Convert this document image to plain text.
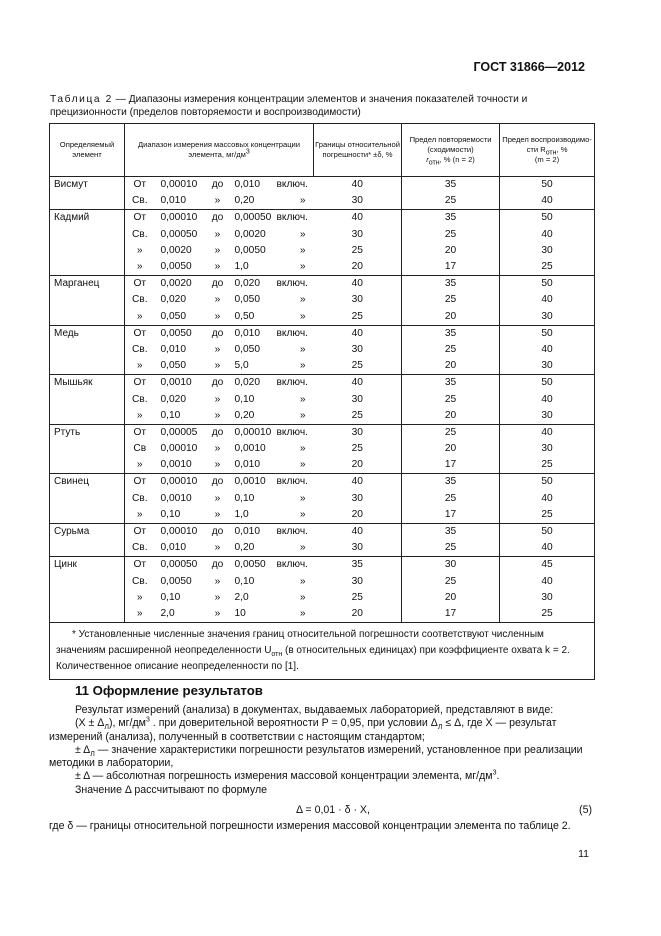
ГОСТ 31866—2012
Таблица 2 — Диапазоны измерения концентрации элементов и значения показателей точности и прецизионности (пределов повторяемости и воспроизводимости)
Определяемый элемент	Диапазон измерения массовых концентрации элемента, $мг/дм^3$					Границы относительной погрешности* ±δ, %	Предел повторяемости (сходимости)
$r_{отн}$, % (n = 2)	Предел воспроизводимо-сти $R_{отн}$, %
(m = 2)
Висмут	От	0,00010	до	0,010	включ.	40	35	50
	Св.	0,010	»	0,20	»	30	25	40
Кадмий	От	0,00010	до	0,00050	включ.	40	35	50
	Св.	0,00050	»	0,0020	»	30	25	40
	»	0,0020	»	0,0050	»	25	20	30
	»	0,0050	»	1,0	»	20	17	25
Марганец	От	0,0020	до	0,020	включ.	40	35	50
	Св.	0,020	»	0,050	»	30	25	40
	»	0,050	»	0,50	»	25	20	30
Медь	От	0,0050	до	0,010	включ.	40	35	50
	Св.	0,010	»	0,050	»	30	25	40
	»	0,050	»	5,0	»	25	20	30
Мышьяк	От	0,0010	до	0,020	включ.	40	35	50
	Св.	0,020	»	0,10	»	30	25	40
	»	0,10	»	0,20	»	25	20	30
Ртуть	От	0,00005	до	0,00010	включ.	30	25	40
	Св	0,00010	»	0,0010	»	25	20	30
	»	0,0010	»	0,010	»	20	17	25
Свинец	От	0,00010	до	0,0010	включ.	40	35	50
	Св.	0,0010	»	0,10	»	30	25	40
	»	0,10	»	1,0	»	20	17	25
Сурьма	От	0,00010	до	0,010	включ.	40	35	50
	Св.	0,010	»	0,20	»	30	25	40
Цинк	От	0,00050	до	0,0050	включ.	35	30	45
	Св.	0,0050	»	0,10	»	30	25	40
	»	0,10	»	2,0	»	25	20	30
	»	2,0	»	10	»	20	17	25
* Установленные численные значения границ относительной погрешности соответствуют численным значениям расширенной неопределенности $U_{отн}$ (в относительных единицах) при коэффициенте охвата k = 2. Количественное описание неопределенности по [1].								
11 Оформление результатов

Результат измерений (анализа) в документах, выдаваемых лабораторией, представляют в виде:

$(X \pm \Delta_Л)$, $мг/дм^3$ . при доверительной вероятности Р = 0,95, при условии $\Delta_Л \le \Delta$, где X — результат измерений (анализа), полученный в соответствии с настоящим стандартом;

± $\Delta_Л$ — значение характеристики погрешности результатов измерений, установленное при реализации методики в лаборатории,

± Δ — абсолютная погрешность измерения массовой концентрации элемента, $мг/дм^3$.

Значение Δ рассчитывают по формуле

Δ = 0,01 · δ · X,	(5)

где δ — границы относительной погрешности измерения массовой концентрации элемента по таблице 2.

11
